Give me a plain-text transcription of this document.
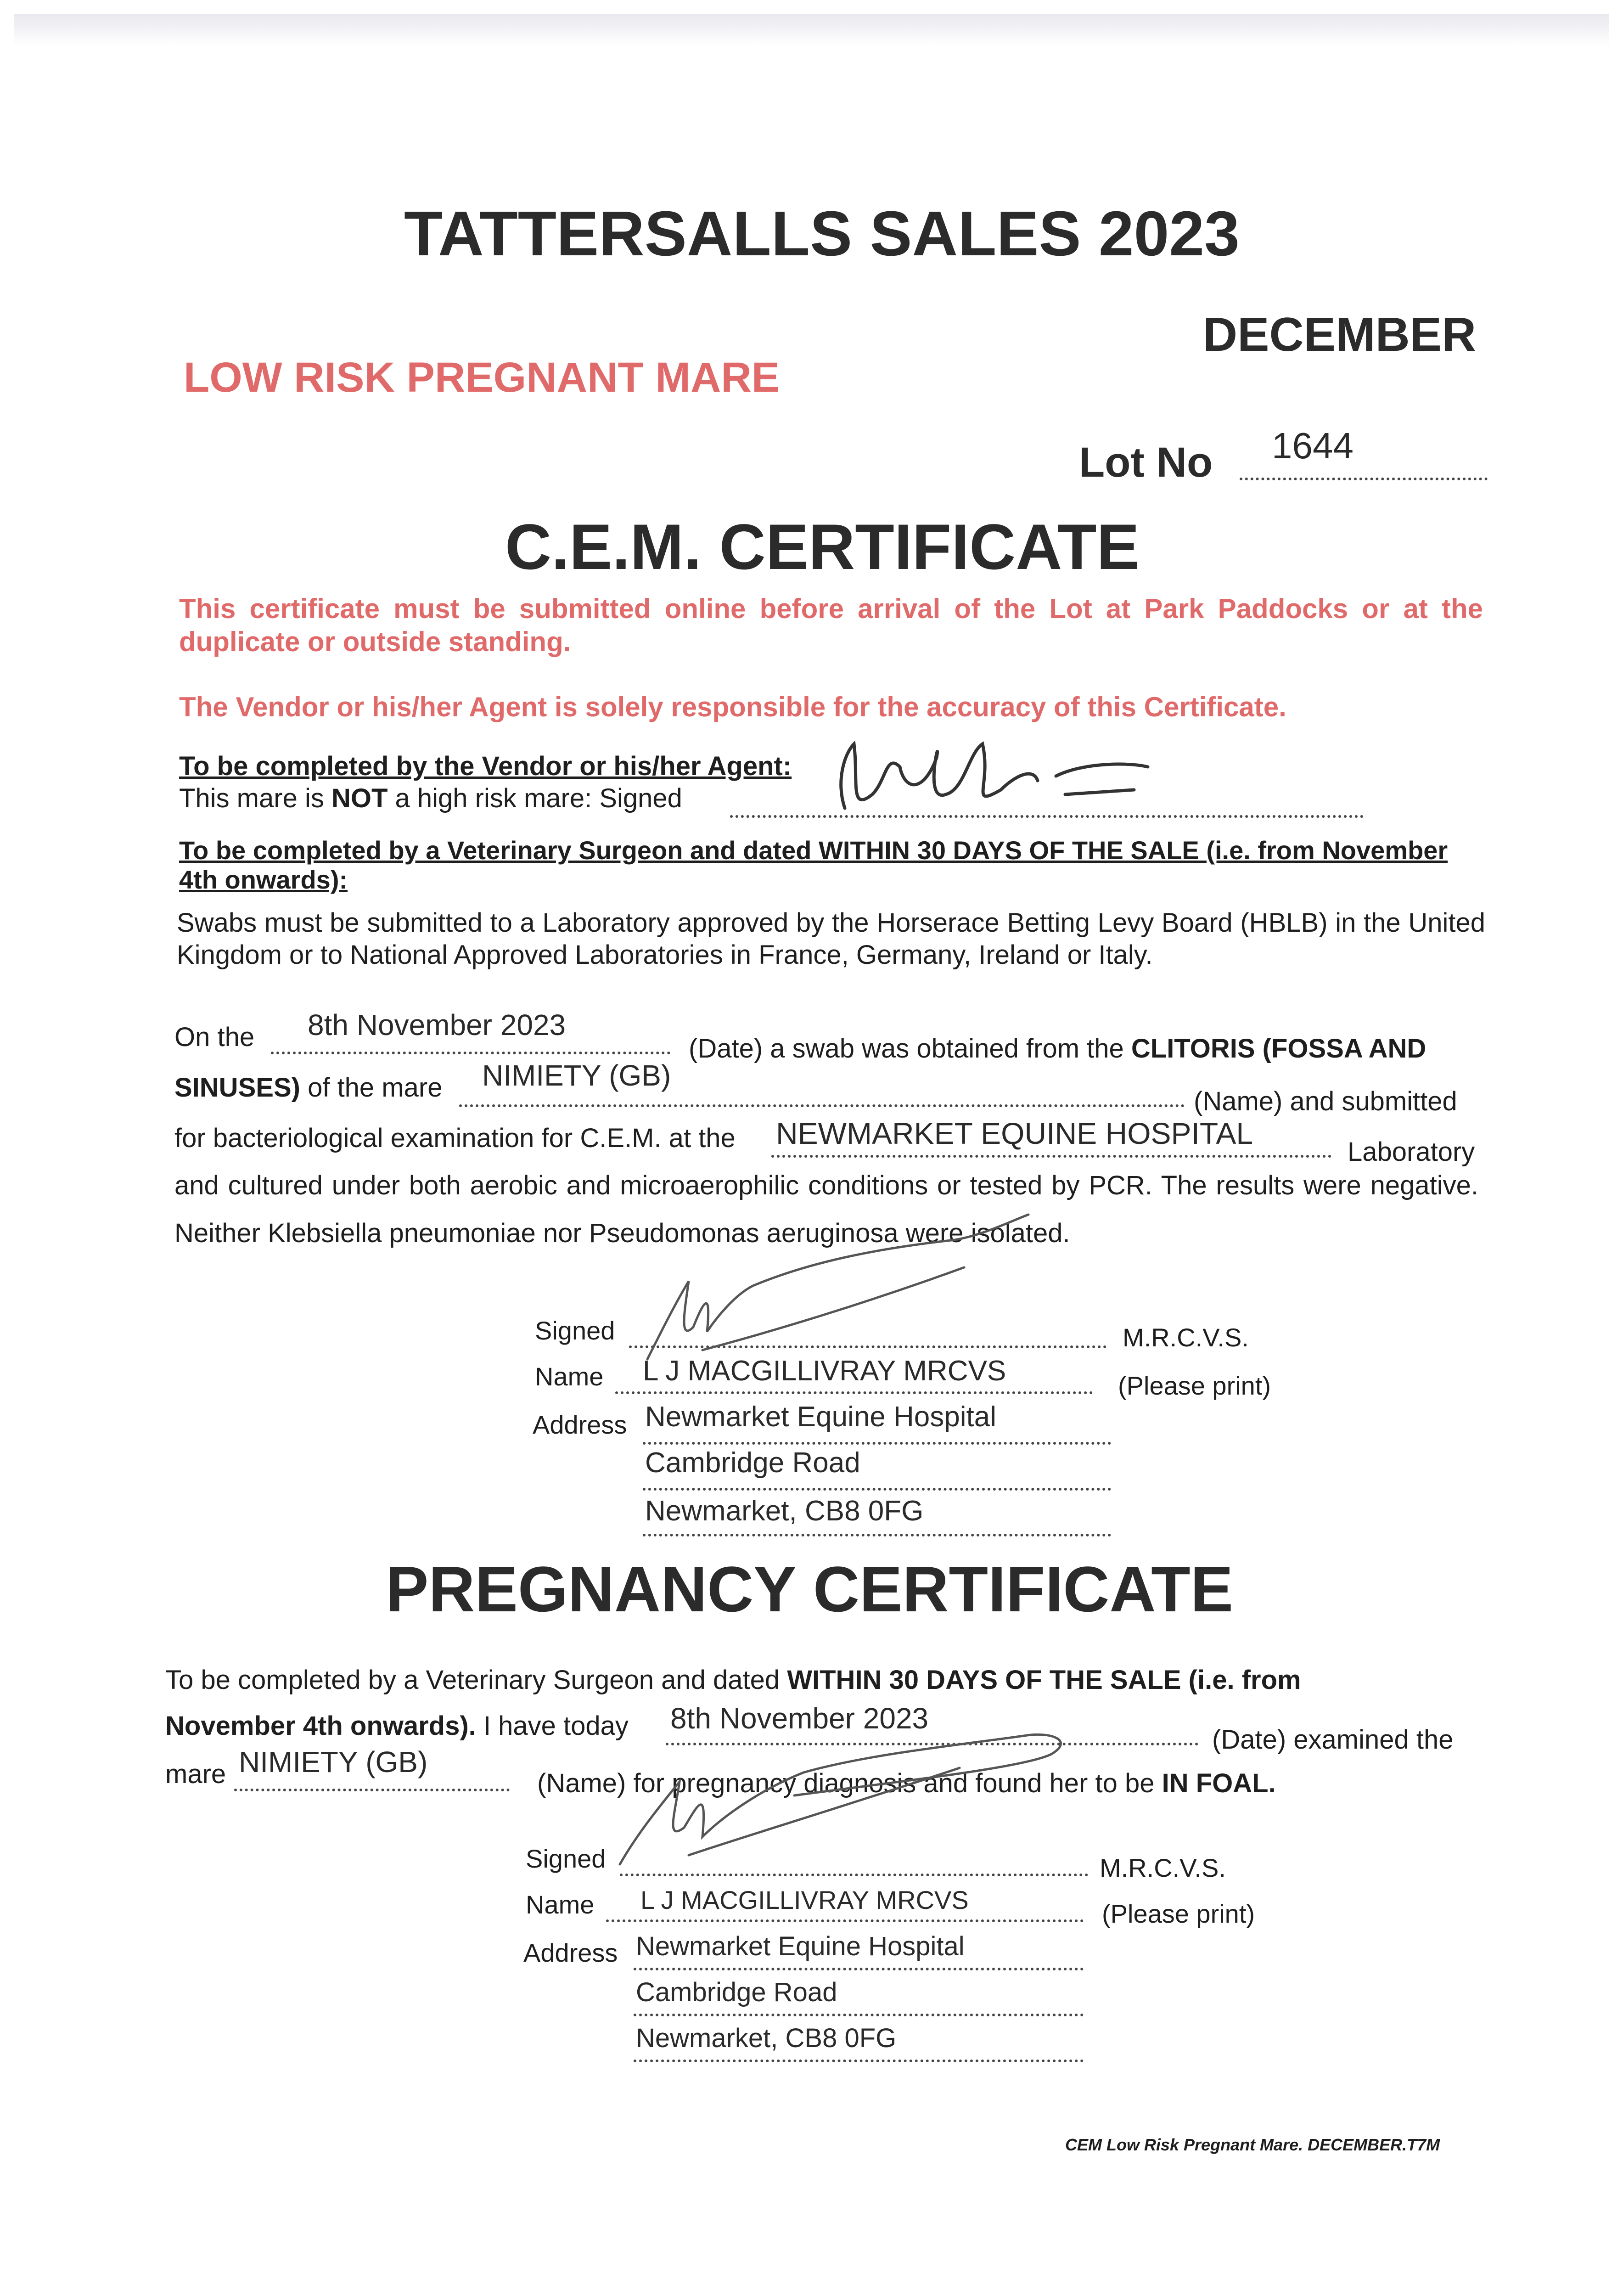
TATTERSALLS SALES 2023
DECEMBER
LOW RISK PREGNANT MARE
Lot No 1644
C.E.M. CERTIFICATE
This certificate must be submitted online before arrival of the Lot at Park Paddocks or at the duplicate or outside standing.
The Vendor or his/her Agent is solely responsible for the accuracy of this Certificate.
To be completed by the Vendor or his/her Agent:
This mare is NOT a high risk mare: Signed
To be completed by a Veterinary Surgeon and dated WITHIN 30 DAYS OF THE SALE (i.e. from November 4th onwards):
Swabs must be submitted to a Laboratory approved by the Horserace Betting Levy Board (HBLB) in the United Kingdom or to National Approved Laboratories in France, Germany, Ireland or Italy.
On the 8th November 2023
(Date) a swab was obtained from the CLITORIS (FOSSA AND
SINUSES) of the mare NIMIETY (GB)
(Name) and submitted
for bacteriological examination for C.E.M. at the NEWMARKET EQUINE HOSPITAL
Laboratory
and cultured under both aerobic and microaerophilic conditions or tested by PCR. The results were negative. Neither Klebsiella pneumoniae nor Pseudomonas aeruginosa were isolated.
Signed	M.R.C.V.S.
Name L J MACGILLIVRAY MRCVS	(Please print)
Address Newmarket Equine Hospital
Cambridge Road
Newmarket, CB8 0FG
PREGNANCY CERTIFICATE
To be completed by a Veterinary Surgeon and dated WITHIN 30 DAYS OF THE SALE (i.e. from
November 4th onwards). I have today 8th November 2023
(Date) examined the
mare NIMIETY (GB)
(Name) for pregnancy diagnosis and found her to be IN FOAL.
Signed	M.R.C.V.S.
Name L J MACGILLIVRAY MRCVS	(Please print)
Address Newmarket Equine Hospital
Cambridge Road
Newmarket, CB8 0FG
CEM Low Risk Pregnant Mare. DECEMBER.T7M
